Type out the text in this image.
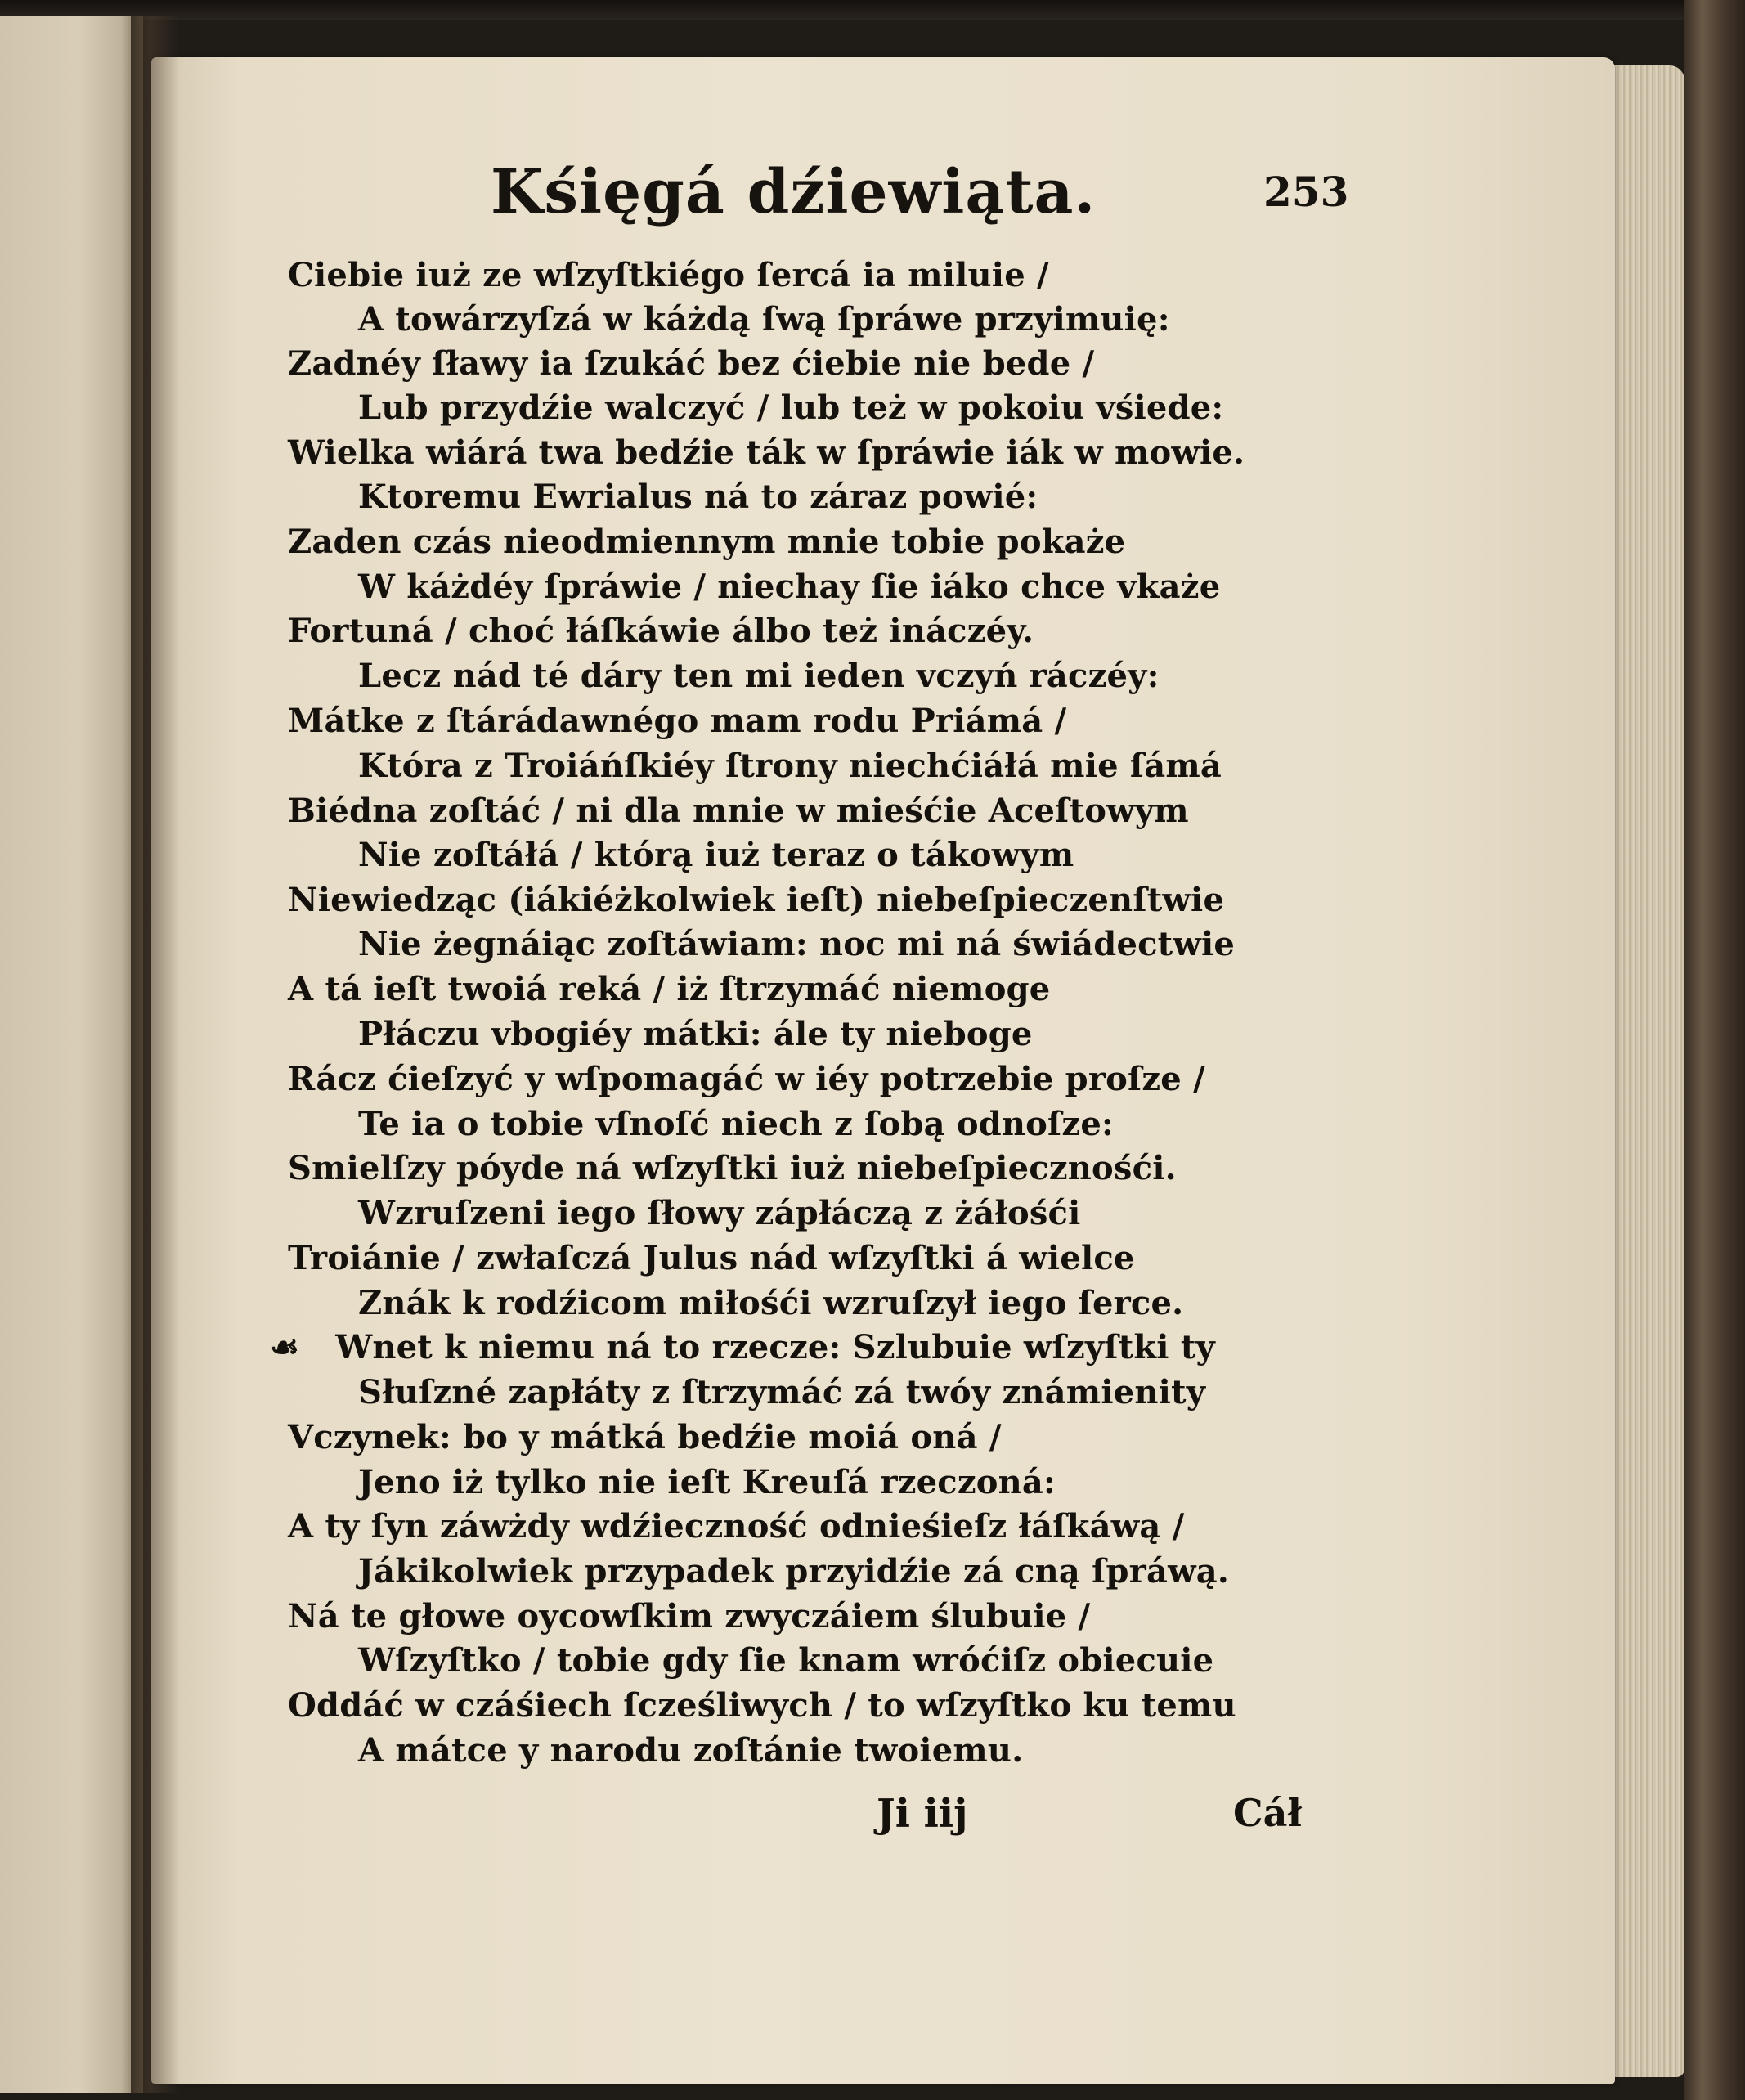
Kśięgá dźiewiąta.	253
Ciebie iuż ze wſzyſtkiégo ſercá ia miluie /
A towárzyſzá w káżdą ſwą ſpráwe przyimuię:
Zadnéy ſławy ia ſzukáć bez ćiebie nie bede /
Lub przydźie walczyć / lub też w pokoiu vśiede:
Wielka wiárá twa bedźie ták w ſpráwie iák w mowie.
Ktoremu Ewrialus ná to záraz powié:
Zaden czás nieodmiennym mnie tobie pokaże
W káżdéy ſpráwie / niechay ſie iáko chce vkaże
Fortuná / choć łáſkáwie álbo też ináczéy.
Lecz nád té dáry ten mi ieden vczyń ráczéy:
Mátke z ſtárádawnégo mam rodu Priámá /
Która z Troiáńſkiéy ſtrony niechćiáłá mie ſámá
Biédna zoſtáć / ni dla mnie w mieśćie Aceſtowym
Nie zoſtáłá / którą iuż teraz o tákowym
Niewiedząc (iákiéżkolwiek ieſt) niebeſpieczenſtwie
Nie żegnáiąc zoſtáwiam: noc mi ná świádectwie
A tá ieſt twoiá reká / iż ſtrzymáć niemoge
Płáczu vbogiéy mátki: ále ty nieboge
Rácz ćieſzyć y wſpomagáć w iéy potrzebie proſze /
Te ia o tobie vſnoſć niech z ſobą odnoſze:
Smielſzy póyde ná wſzyſtki iuż niebeſpiecznośći.
Wzruſzeni iego ſłowy zápłáczą z żáłośći
Troiánie / zwłaſczá Julus nád wſzyſtki á wielce
Znák k rodźicom miłośći wzruſzył iego ſerce.
☙ Wnet k niemu ná to rzecze: Szlubuie wſzyſtki ty
Słuſzné zapłáty z ſtrzymáć zá twóy známienity
Vczynek: bo y mátká bedźie moiá oná /
Jeno iż tylko nie ieſt Kreuſá rzeczoná:
A ty ſyn záwżdy wdźieczność odnieśieſz łáſkáwą /
Jákikolwiek przypadek przyidźie zá cną ſpráwą.
Ná te głowe oycowſkim zwyczáiem ślubuie /
Wſzyſtko / tobie gdy ſie knam wróćiſz obiecuie
Oddáć w czáśiech ſcześliwych / to wſzyſtko ku temu
A mátce y narodu zoſtánie twoiemu.
Ji iij	Cáł
